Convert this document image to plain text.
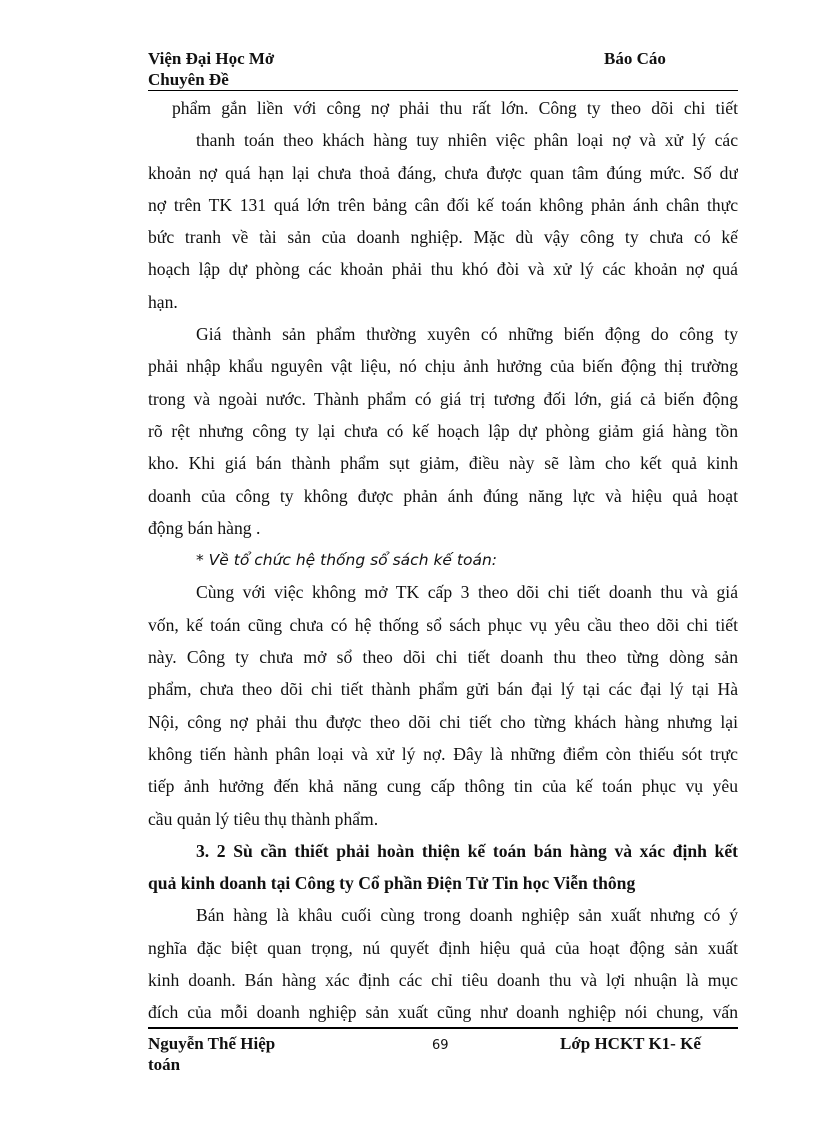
Viện Đại Học Mở
Chuyên Đề
Báo Cáo
phẩm gắn liền với công nợ phải thu rất lớn. Công ty theo dõi chi tiết
thanh toán theo khách hàng tuy nhiên việc phân loại nợ và xử lý các
khoản nợ quá hạn lại chưa thoả đáng, chưa được quan tâm đúng mức. Số dư
nợ trên TK 131 quá lớn trên bảng cân đối kế toán không phản ánh chân thực
bức tranh về tài sản của doanh nghiệp. Mặc dù vậy công ty chưa có kế
hoạch lập dự phòng các khoản phải thu khó đòi và xử lý các khoản nợ quá
hạn.
Giá thành sản phẩm thường xuyên có những biến động do công ty
phải nhập khẩu nguyên vật liệu, nó chịu ảnh hưởng của biến động thị trường
trong và ngoài nước. Thành phẩm có giá trị tương đối lớn, giá cả biến động
rõ rệt nhưng công ty lại chưa có kế hoạch lập dự phòng giảm giá hàng tồn
kho. Khi giá bán thành phẩm sụt giảm, điều này sẽ làm cho kết quả kinh
doanh của công ty không được phản ánh đúng năng lực và hiệu quả hoạt
động bán hàng .
* Về tổ chức hệ thống sổ sách kế toán:
Cùng với việc không mở TK cấp 3 theo dõi chi tiết doanh thu và giá
vốn, kế toán cũng chưa có hệ thống sổ sách phục vụ yêu cầu theo dõi chi tiết
này. Công ty chưa mở sổ theo dõi chi tiết doanh thu theo từng dòng sản
phẩm, chưa theo dõi chi tiết thành phẩm gửi bán đại lý tại các đại lý tại Hà
Nội, công nợ phải thu được theo dõi chi tiết cho từng khách hàng nhưng lại
không tiến hành phân loại và xử lý nợ. Đây là những điểm còn thiếu sót trực
tiếp ảnh hưởng đến khả năng cung cấp thông tin của kế toán phục vụ yêu
cầu quản lý tiêu thụ thành phẩm.
3. 2 Sù cần thiết phải hoàn thiện kế toán bán hàng và xác định kết
quả kinh doanh tại Công ty Cổ phần Điện Tử Tin học Viễn thông
Bán hàng là khâu cuối cùng trong doanh nghiệp sản xuất nhưng có ý
nghĩa đặc biệt quan trọng, nú quyết định hiệu quả của hoạt động sản xuất
kinh doanh. Bán hàng xác định các chỉ tiêu doanh thu và lợi nhuận là mục
đích của mỗi doanh nghiệp sản xuất cũng như doanh nghiệp nói chung, vấn
Nguyễn Thế Hiệp
toán
69	Lớp HCKT K1- Kế
